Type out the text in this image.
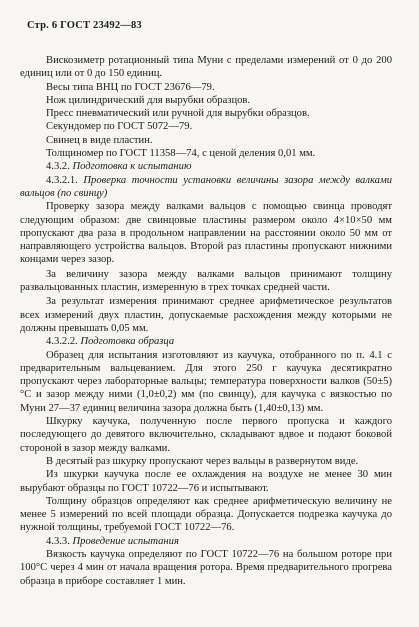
Стр. 6 ГОСТ 23492—83

Вискозиметр ротационный типа Муни с пределами измерений от 0 до 200 единиц или от 0 до 150 единиц.

Весы типа ВНЦ по ГОСТ 23676—79.

Нож цилиндрический для вырубки образцов.

Пресс пневматический или ручной для вырубки образцов.

Секундомер по ГОСТ 5072—79.

Свинец в виде пластин.

Толщиномер по ГОСТ 11358—74, с ценой деления 0,01 мм.

4.3.2. Подготовка к испытанию

4.3.2.1. Проверка точности установки величины зазора между валками вальцов (по свинцу)

Проверку зазора между валками вальцов с помощью свинца проводят следующим образом: две свинцовые пластины размером около 4×10×50 мм пропускают два раза в продольном направлении на расстоянии около 50 мм от направляющего устройства вальцов. Второй раз пластины пропускают нижними концами через зазор.

За величину зазора между валками вальцов принимают толщину развальцованных пластин, измеренную в трех точках средней части.

За результат измерения принимают среднее арифметическое результатов всех измерений двух пластин, допускаемые расхождения между которыми не должны превышать 0,05 мм.

4.3.2.2. Подготовка образца

Образец для испытания изготовляют из каучука, отобранного по п. 4.1 с предварительным вальцеванием. Для этого 250 г каучука десятикратно пропускают через лабораторные вальцы; температура поверхности валков (50±5)°С и зазор между ними (1,0±0,2) мм (по свинцу), для каучука с вязкостью по Муни 27—37 единиц величина зазора должна быть (1,40±0,13) мм.

Шкурку каучука, полученную после первого пропуска и каждого последующего до девятого включительно, складывают вдвое и подают боковой стороной в зазор между валками.

В десятый раз шкурку пропускают через вальцы в развернутом виде.

Из шкурки каучука после ее охлаждения на воздухе не менее 30 мин вырубают образцы по ГОСТ 10722—76 и испытывают.

Толщину образцов определяют как среднее арифметическую величину не менее 5 измерений по всей площади образца. Допускается подрезка каучука до нужной толщины, требуемой ГОСТ 10722—76.

4.3.3. Проведение испытания

Вязкость каучука определяют по ГОСТ 10722—76 на большом роторе при 100°С через 4 мин от начала вращения ротора. Время предварительного прогрева образца в приборе составляет 1 мин.
